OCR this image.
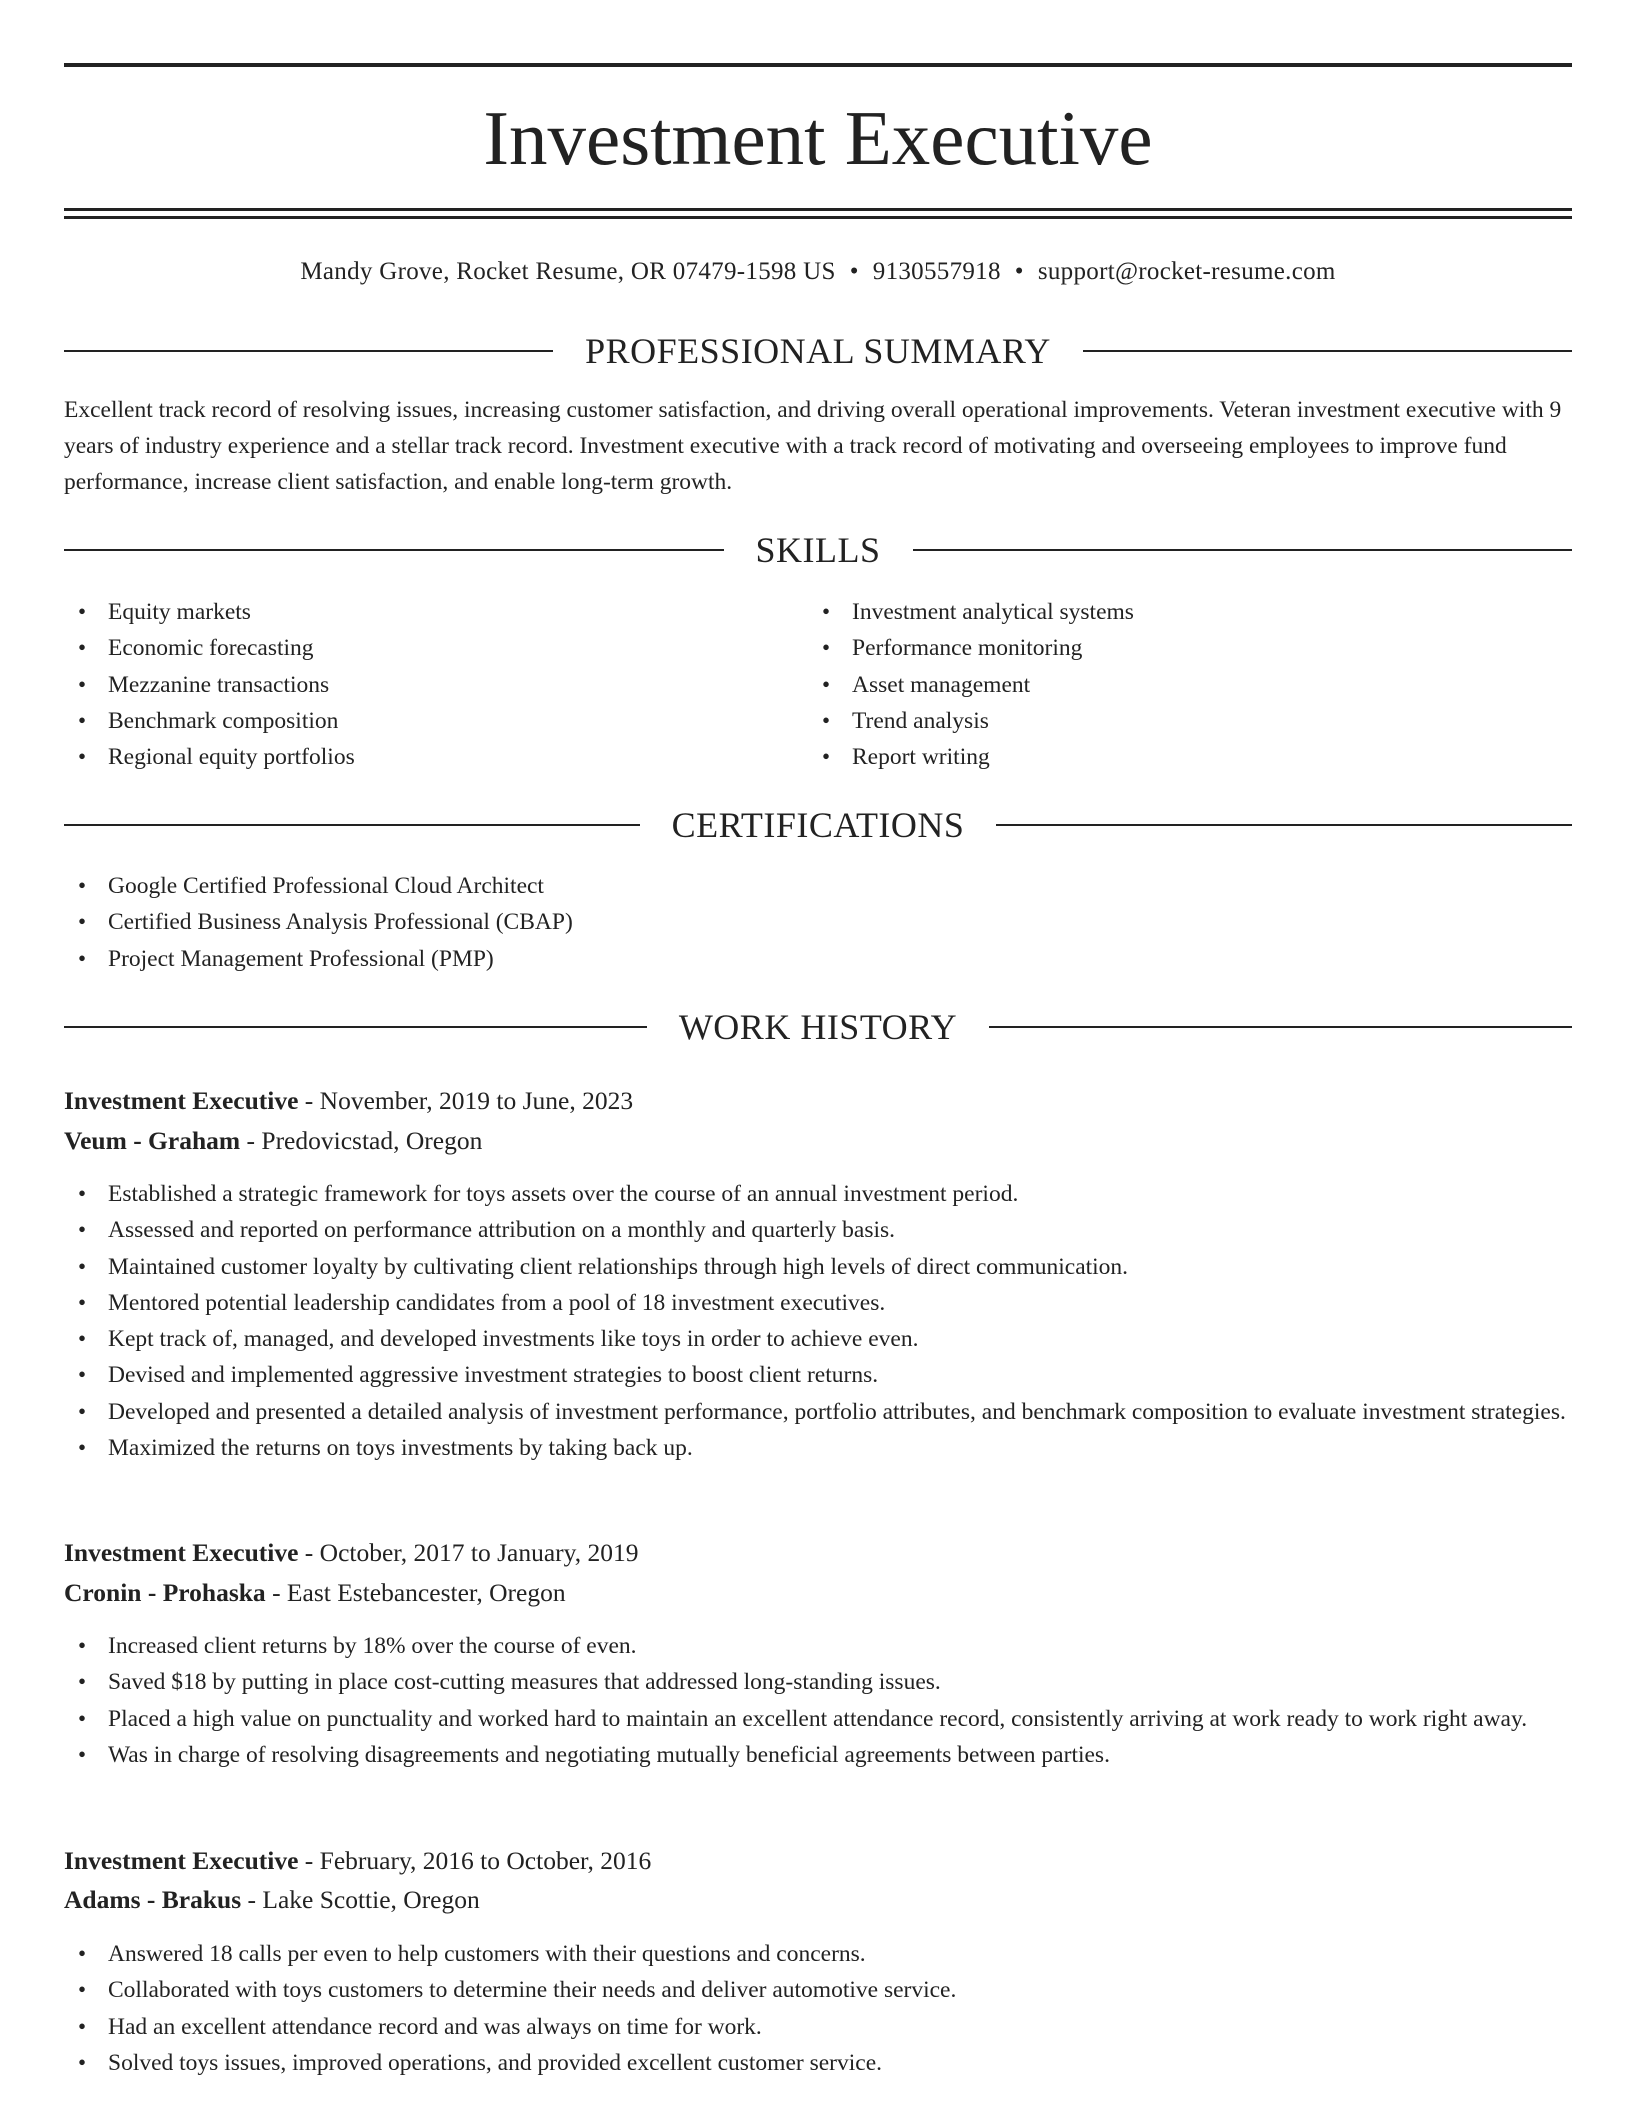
Investment Executive
Mandy Grove, Rocket Resume, OR 07479-1598 US • 9130557918 • support@rocket-resume.com
PROFESSIONAL SUMMARY

Excellent track record of resolving issues, increasing customer satisfaction, and driving overall operational improvements. Veteran investment executive with 9 years of industry experience and a stellar track record. Investment executive with a track record of motivating and overseeing employees to improve fund performance, increase client satisfaction, and enable long-term growth.

SKILLS
• Equity markets
• Economic forecasting
• Mezzanine transactions
• Benchmark composition
• Regional equity portfolios
• Investment analytical systems
• Performance monitoring
• Asset management
• Trend analysis
• Report writing
CERTIFICATIONS
• Google Certified Professional Cloud Architect
• Certified Business Analysis Professional (CBAP)
• Project Management Professional (PMP)
WORK HISTORY
Investment Executive - November, 2019 to June, 2023
Veum - Graham - Predovicstad, Oregon
• Established a strategic framework for toys assets over the course of an annual investment period.
• Assessed and reported on performance attribution on a monthly and quarterly basis.
• Maintained customer loyalty by cultivating client relationships through high levels of direct communication.
• Mentored potential leadership candidates from a pool of 18 investment executives.
• Kept track of, managed, and developed investments like toys in order to achieve even.
• Devised and implemented aggressive investment strategies to boost client returns.
• Developed and presented a detailed analysis of investment performance, portfolio attributes, and benchmark composition to evaluate investment strategies.
• Maximized the returns on toys investments by taking back up.
Investment Executive - October, 2017 to January, 2019
Cronin - Prohaska - East Estebancester, Oregon
• Increased client returns by 18% over the course of even.
• Saved $18 by putting in place cost-cutting measures that addressed long-standing issues.
• Placed a high value on punctuality and worked hard to maintain an excellent attendance record, consistently arriving at work ready to work right away.
• Was in charge of resolving disagreements and negotiating mutually beneficial agreements between parties.
Investment Executive - February, 2016 to October, 2016
Adams - Brakus - Lake Scottie, Oregon
• Answered 18 calls per even to help customers with their questions and concerns.
• Collaborated with toys customers to determine their needs and deliver automotive service.
• Had an excellent attendance record and was always on time for work.
• Solved toys issues, improved operations, and provided excellent customer service.
